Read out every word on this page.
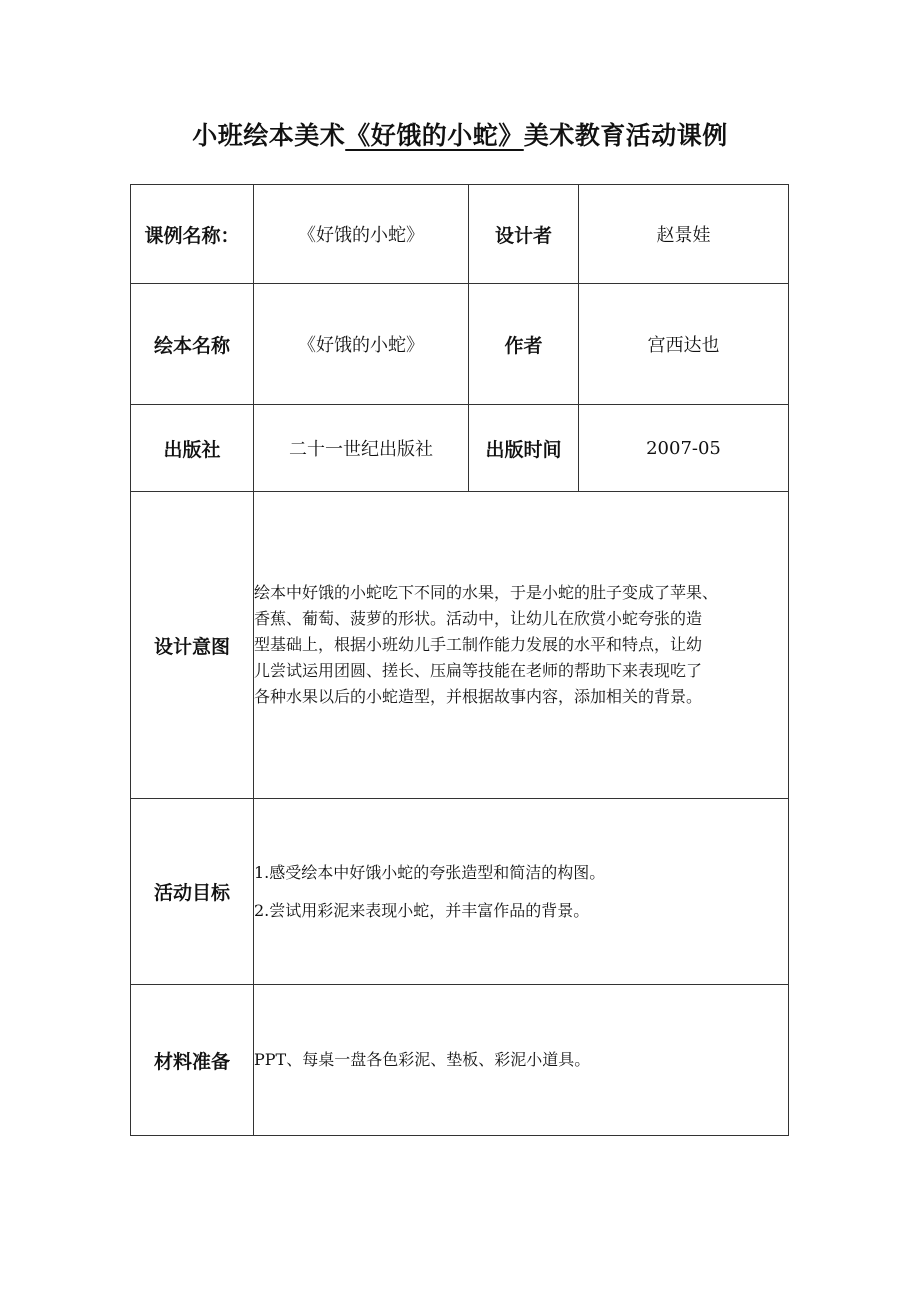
小班绘本美术《好饿的小蛇》美术教育活动课例
课例名称：	《好饿的小蛇》	设计者	赵景娃
绘本名称	《好饿的小蛇》	作者	宫西达也
出版社	二十一世纪出版社	出版时间	2007-05
设计意图	绘本中好饿的小蛇吃下不同的水果，于是小蛇的肚子变成了苹果、
香蕉、葡萄、菠萝的形状。活动中，让幼儿在欣赏小蛇夸张的造
型基础上，根据小班幼儿手工制作能力发展的水平和特点，让幼
儿尝试运用团圆、搓长、压扁等技能在老师的帮助下来表现吃了
各种水果以后的小蛇造型，并根据故事内容，添加相关的背景。		

活动目标	1.感受绘本中好饿小蛇的夸张造型和简洁的构图。
2.尝试用彩泥来表现小蛇，并丰富作品的背景。		

材料准备	PPT、每桌一盘各色彩泥、垫板、彩泥小道具。		
